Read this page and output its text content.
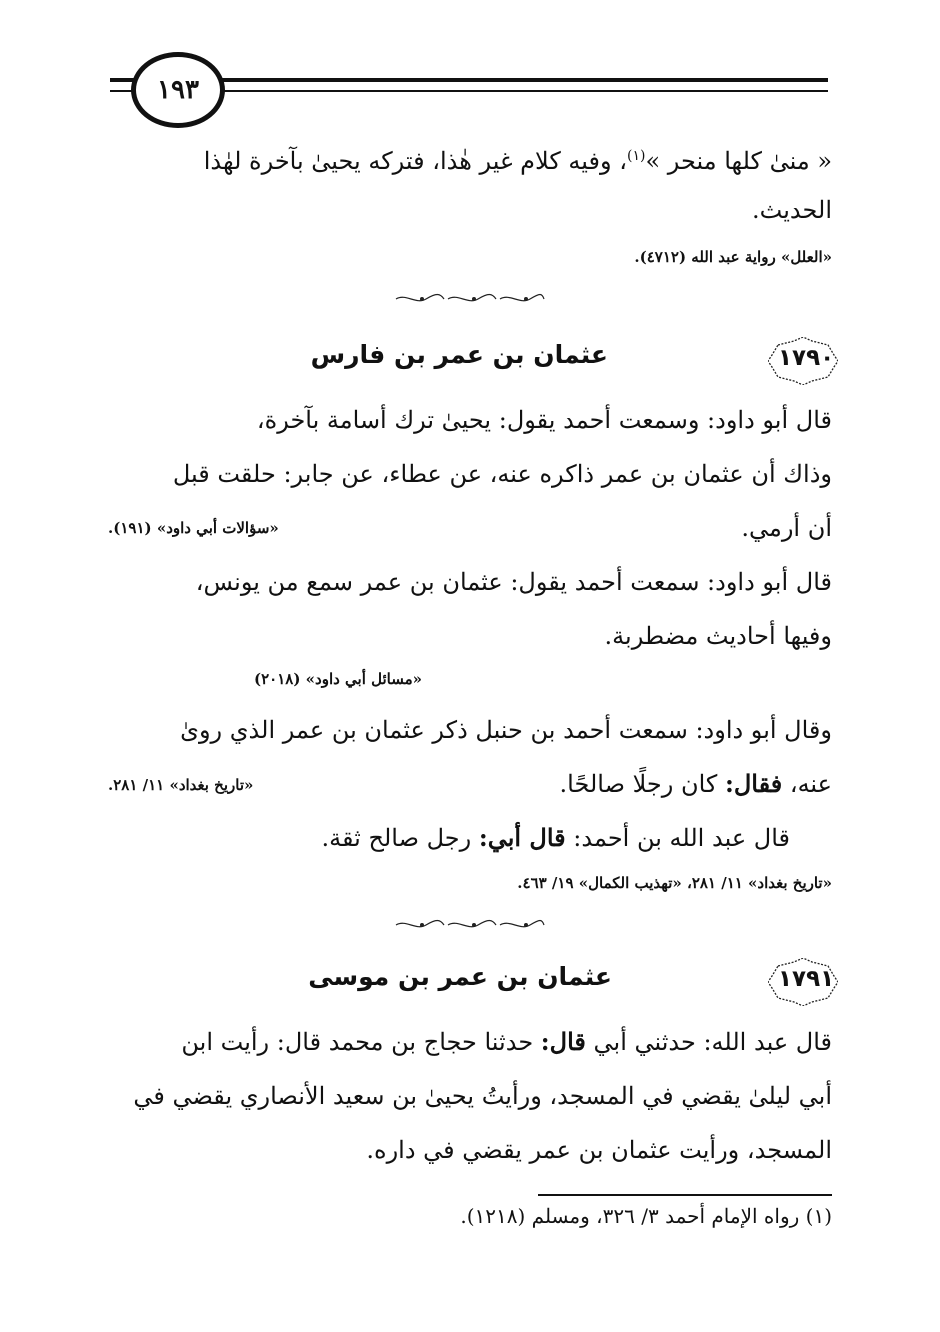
١٩٣

« منىٰ كلها منحر »$^{(١)}$، وفيه كلام غير هٰذا، فتركه يحيىٰ بآخرة لهٰذا

الحديث.

«العلل» رواية عبد الله (٤٧١٢).
١٧٩٠
عثمان بن عمر بن فارس

قال أبو داود: وسمعت أحمد يقول: يحيىٰ ترك أسامة بآخرة،

وذاك أن عثمان بن عمر ذاكره عنه، عن عطاء، عن جابر: حلقت قبل

أن أرمي.

«سؤالات أبي داود» (١٩١).

قال أبو داود: سمعت أحمد يقول: عثمان بن عمر سمع من يونس،

وفيها أحاديث مضطربة.

«مسائل أبي داود» (٢٠١٨)

وقال أبو داود: سمعت أحمد بن حنبل ذكر عثمان بن عمر الذي روىٰ

عنه، فقال: كان رجلًا صالحًا.

«تاريخ بغداد» ١١/ ٢٨١.

قال عبد الله بن أحمد: قال أبي: رجل صالح ثقة.

«تاريخ بغداد» ١١/ ٢٨١، «تهذيب الكمال» ١٩/ ٤٦٣.
١٧٩١
عثمان بن عمر بن موسى

قال عبد الله: حدثني أبي قال: حدثنا حجاج بن محمد قال: رأيت ابن

أبي ليلىٰ يقضي في المسجد، ورأيتُ يحيىٰ بن سعيد الأنصاري يقضي في

المسجد، ورأيت عثمان بن عمر يقضي في داره.

(١) رواه الإمام أحمد ٣/ ٣٢٦، ومسلم (١٢١٨).
